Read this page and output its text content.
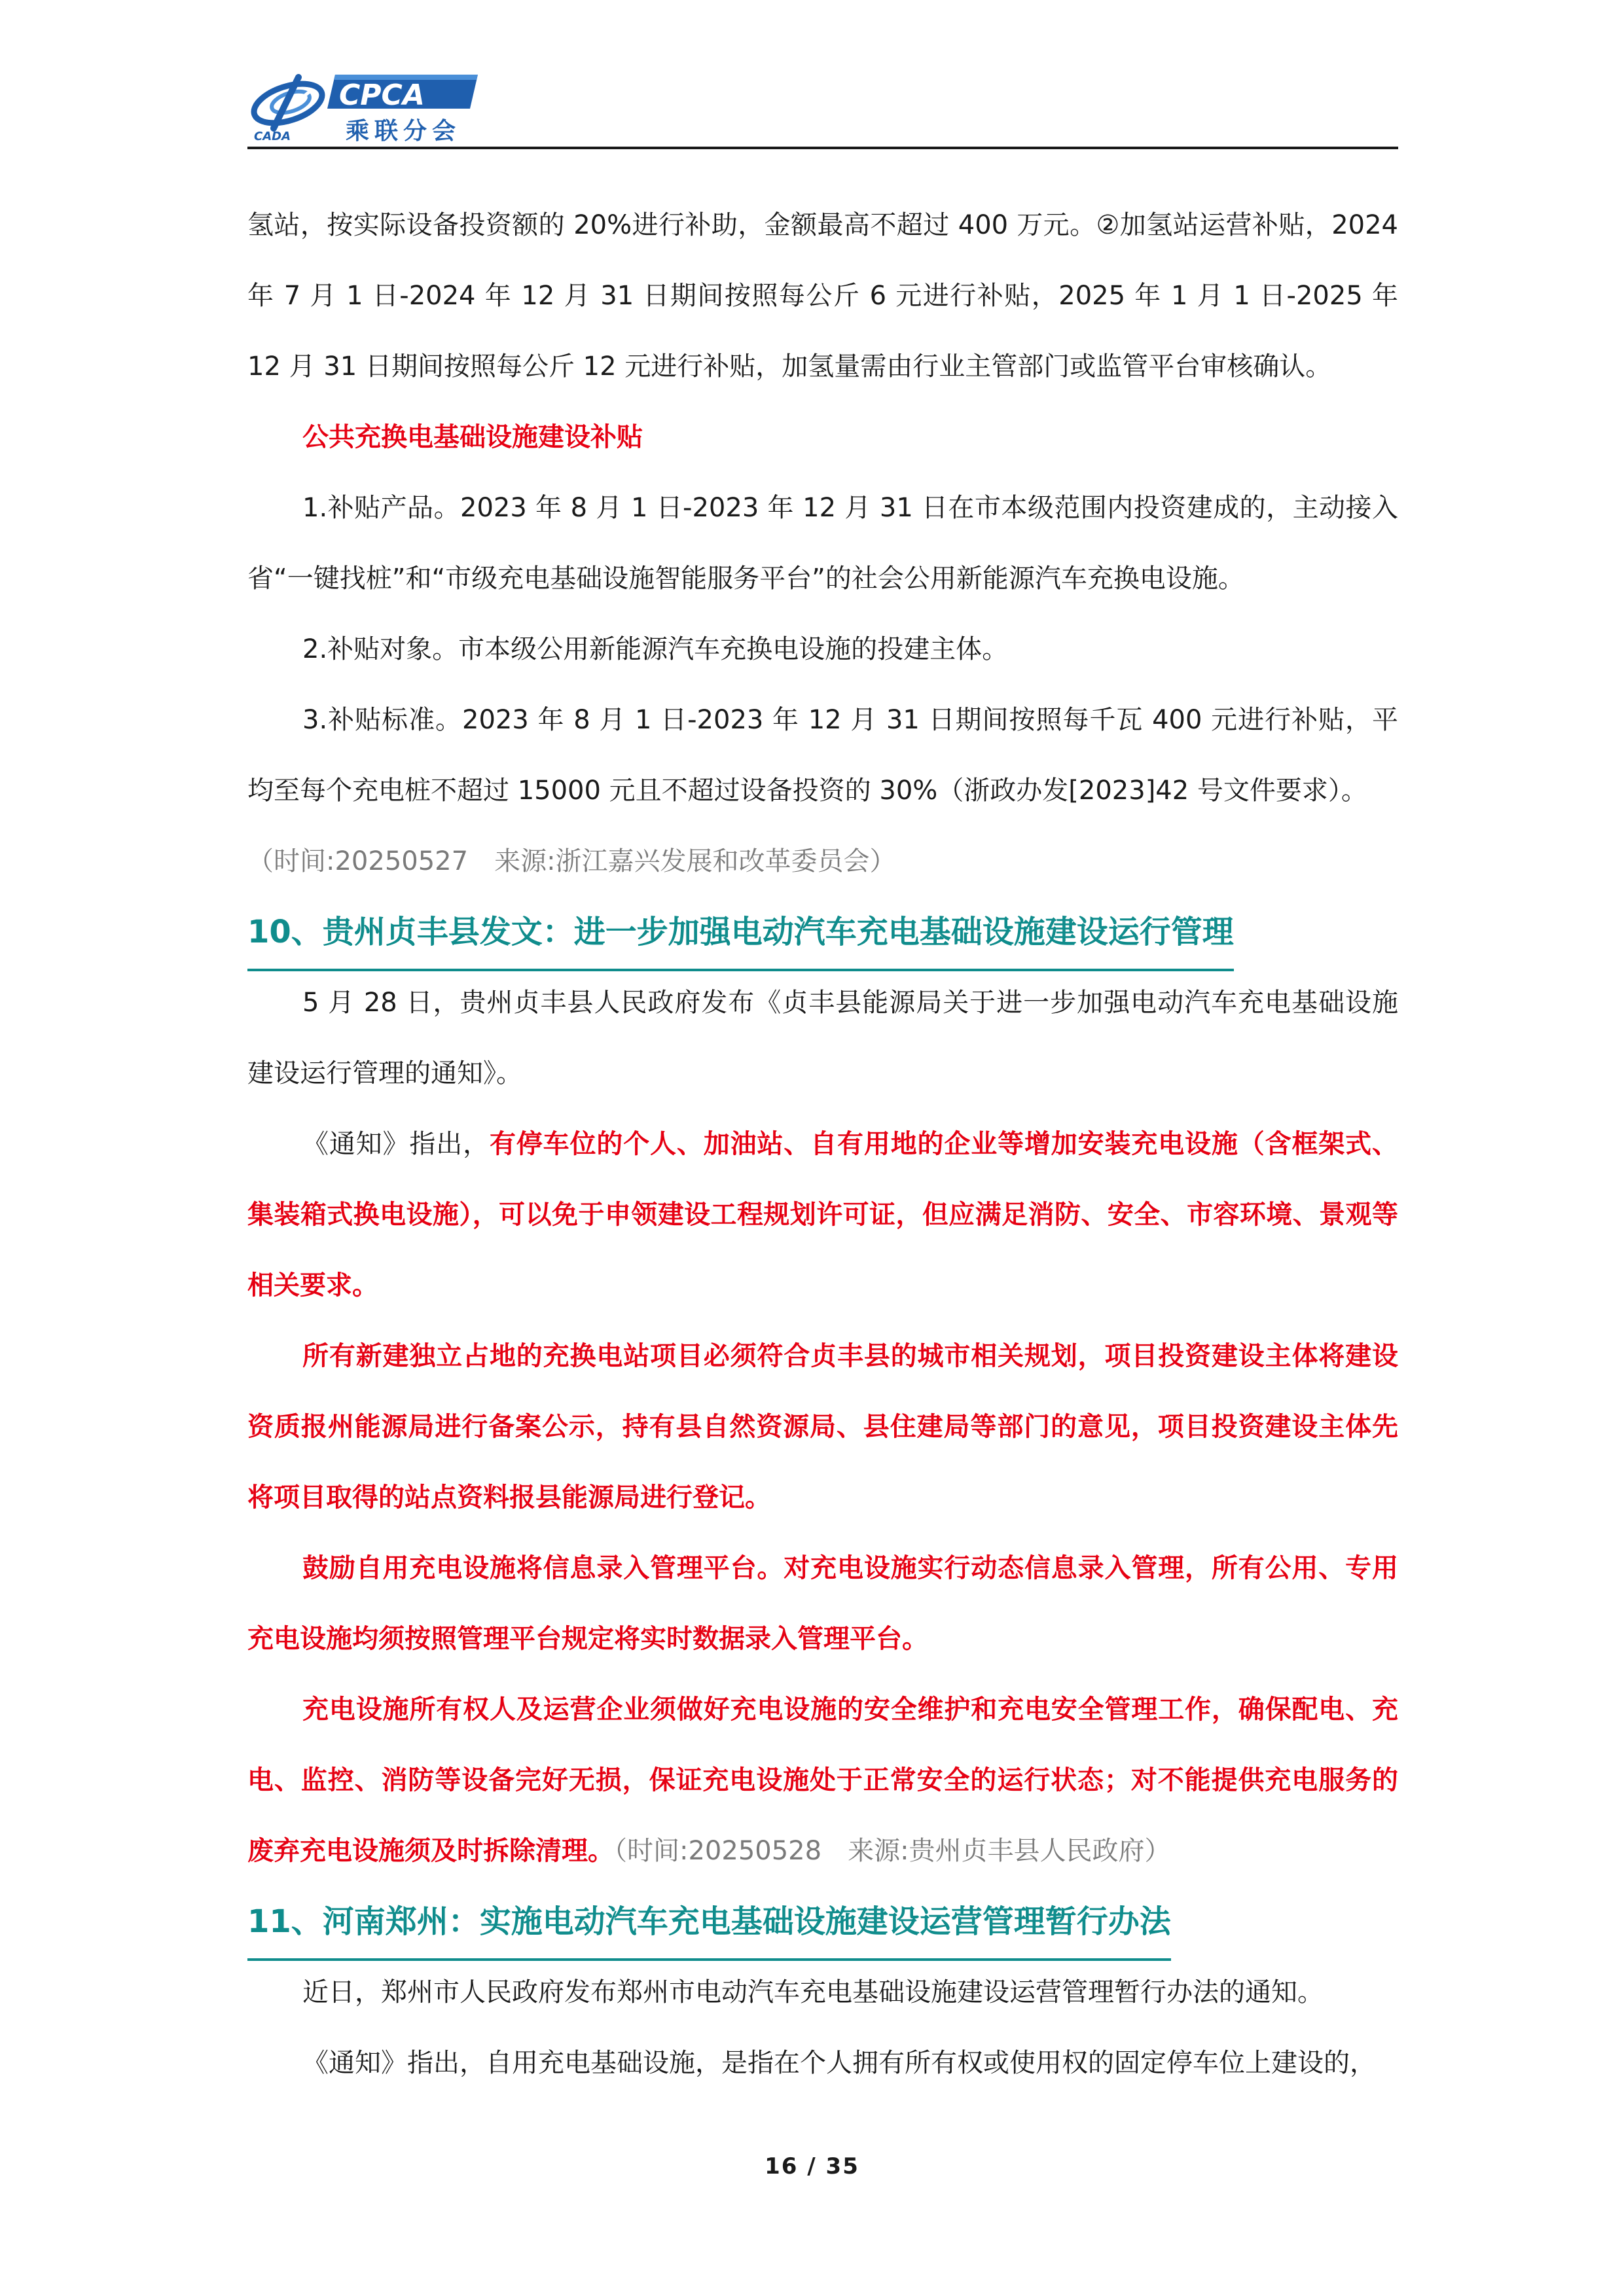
CPCA
CADA 乘联分会

氢站，按实际设备投资额的 20%进行补助，金额最高不超过 400 万元。②加氢站运营补贴，2024 年 7 月 1 日-2024 年 12 月 31 日期间按照每公斤 6 元进行补贴，2025 年 1 月 1 日-2025 年 12 月 31 日期间按照每公斤 12 元进行补贴，加氢量需由行业主管部门或监管平台审核确认。

公共充换电基础设施建设补贴

1.补贴产品。2023 年 8 月 1 日-2023 年 12 月 31 日在市本级范围内投资建成的，主动接入省“一键找桩”和“市级充电基础设施智能服务平台”的社会公用新能源汽车充换电设施。

2.补贴对象。市本级公用新能源汽车充换电设施的投建主体。

3.补贴标准。2023 年 8 月 1 日-2023 年 12 月 31 日期间按照每千瓦 400 元进行补贴，平均至每个充电桩不超过 15000 元且不超过设备投资的 30%（浙政办发[2023]42 号文件要求）。

（时间:20250527　来源:浙江嘉兴发展和改革委员会）

10、贵州贞丰县发文：进一步加强电动汽车充电基础设施建设运行管理

5 月 28 日，贵州贞丰县人民政府发布《贞丰县能源局关于进一步加强电动汽车充电基础设施建设运行管理的通知》。

《通知》指出，有停车位的个人、加油站、自有用地的企业等增加安装充电设施（含框架式、集装箱式换电设施），可以免于申领建设工程规划许可证，但应满足消防、安全、市容环境、景观等相关要求。

所有新建独立占地的充换电站项目必须符合贞丰县的城市相关规划，项目投资建设主体将建设资质报州能源局进行备案公示，持有县自然资源局、县住建局等部门的意见，项目投资建设主体先将项目取得的站点资料报县能源局进行登记。

鼓励自用充电设施将信息录入管理平台。对充电设施实行动态信息录入管理，所有公用、专用充电设施均须按照管理平台规定将实时数据录入管理平台。

充电设施所有权人及运营企业须做好充电设施的安全维护和充电安全管理工作，确保配电、充电、监控、消防等设备完好无损，保证充电设施处于正常安全的运行状态；对不能提供充电服务的废弃充电设施须及时拆除清理。（时间:20250528　来源:贵州贞丰县人民政府）

11、河南郑州：实施电动汽车充电基础设施建设运营管理暂行办法

近日，郑州市人民政府发布郑州市电动汽车充电基础设施建设运营管理暂行办法的通知。

《通知》指出，自用充电基础设施，是指在个人拥有所有权或使用权的固定停车位上建设的，

16 / 35
